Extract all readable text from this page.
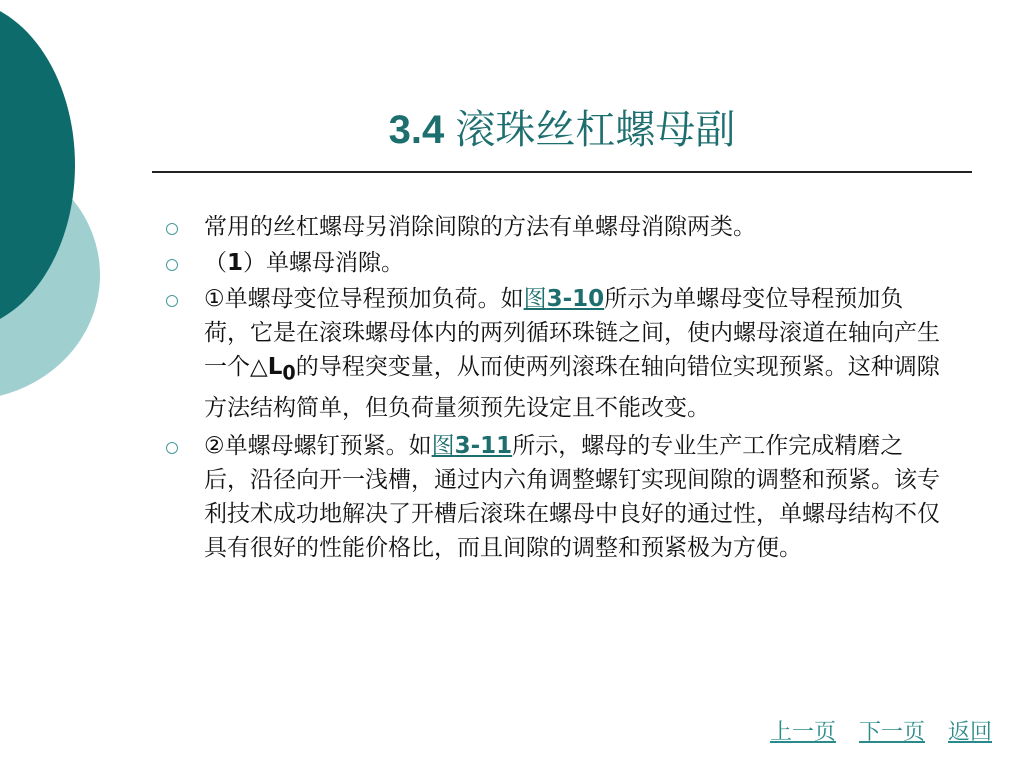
3.4 滚珠丝杠螺母副
常用的丝杠螺母另消除间隙的方法有单螺母消隙两类。
（1）单螺母消隙。
①单螺母变位导程预加负荷。如图3-10所示为单螺母变位导程预加负荷，它是在滚珠螺母体内的两列循环珠链之间，使内螺母滚道在轴向产生一个$\triangle L_0$的导程突变量，从而使两列滚珠在轴向错位实现预紧。这种调隙方法结构简单，但负荷量须预先设定且不能改变。
②单螺母螺钉预紧。如图3-11所示，螺母的专业生产工作完成精磨之后，沿径向开一浅槽，通过内六角调整螺钉实现间隙的调整和预紧。该专利技术成功地解决了开槽后滚珠在螺母中良好的通过性，单螺母结构不仅具有很好的性能价格比，而且间隙的调整和预紧极为方便。
上一页 下一页 返回
